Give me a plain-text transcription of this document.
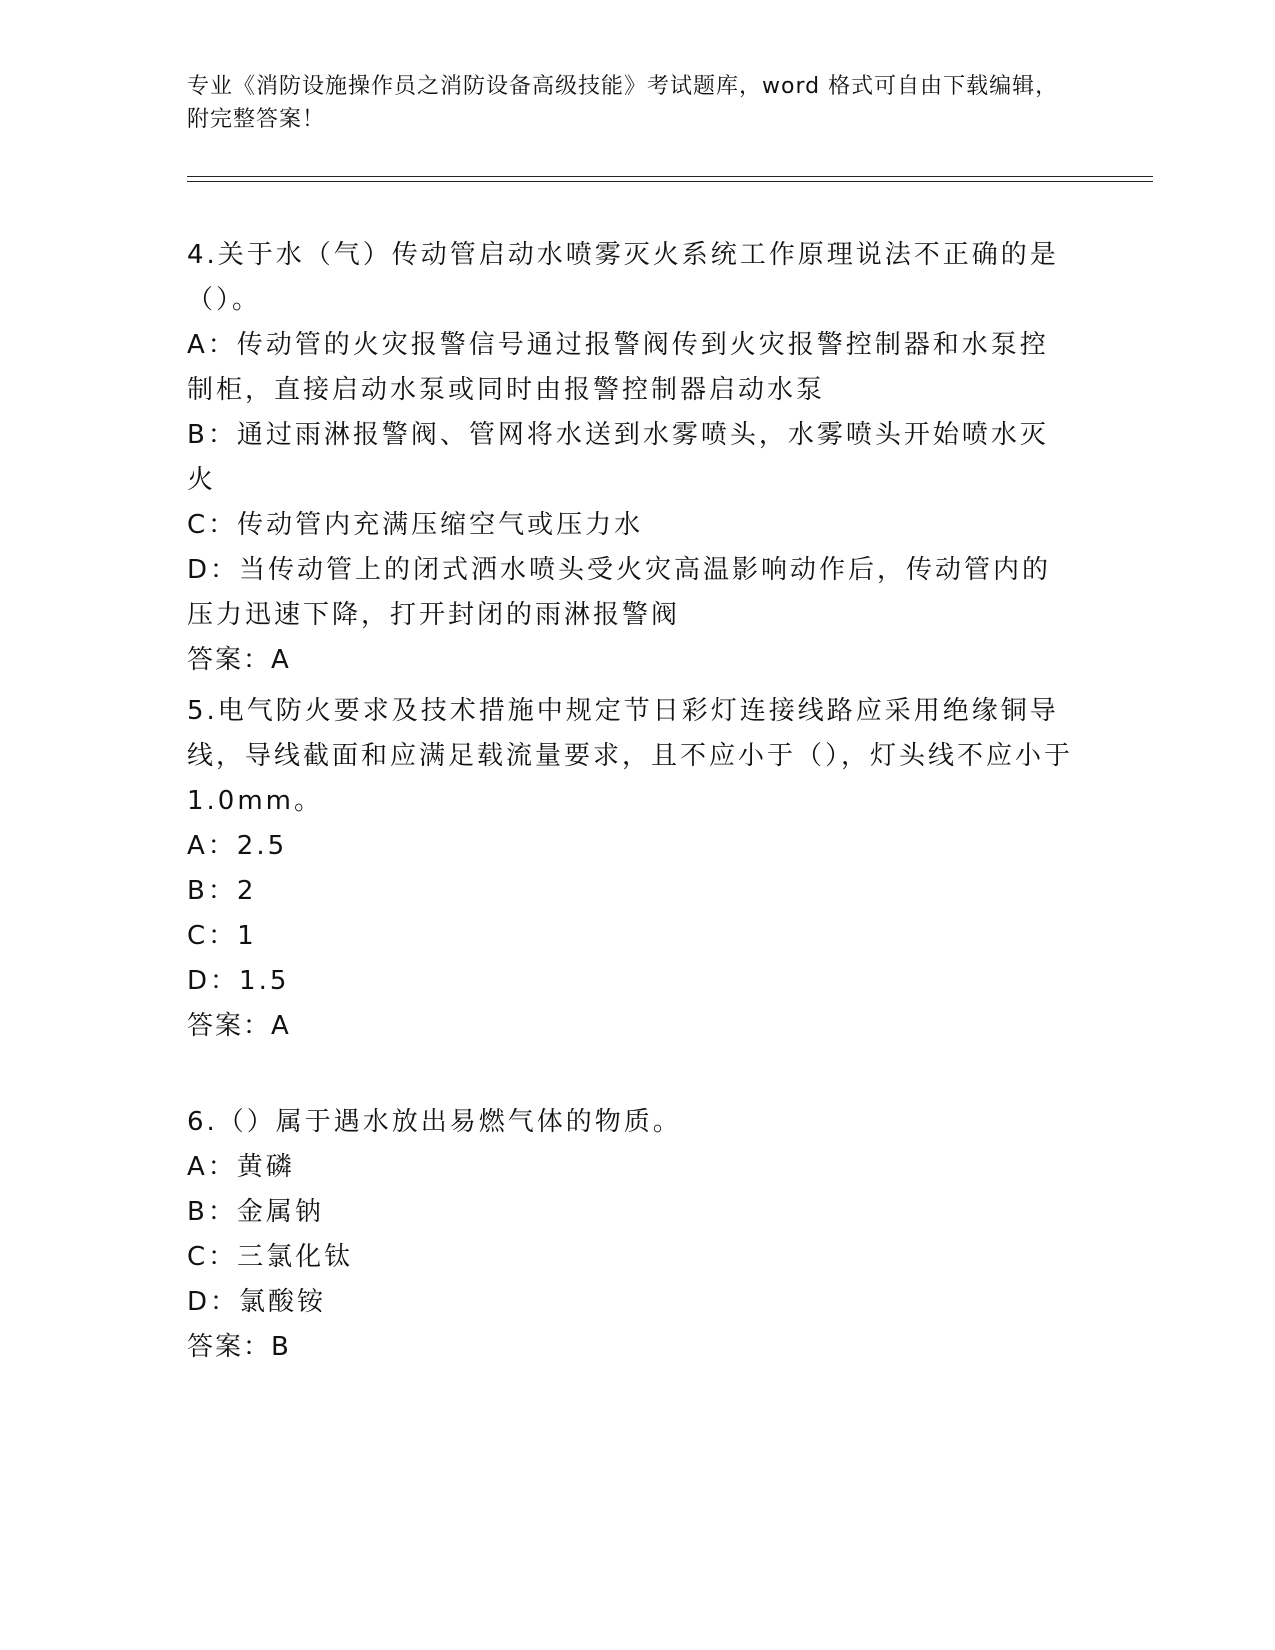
专业《消防设施操作员之消防设备高级技能》考试题库，word 格式可自由下载编辑，附完整答案！

4.关于水（气）传动管启动水喷雾灭火系统工作原理说法不正确的是（）。

A：传动管的火灾报警信号通过报警阀传到火灾报警控制器和水泵控制柜，直接启动水泵或同时由报警控制器启动水泵

B：通过雨淋报警阀、管网将水送到水雾喷头，水雾喷头开始喷水灭火

C：传动管内充满压缩空气或压力水

D：当传动管上的闭式洒水喷头受火灾高温影响动作后，传动管内的压力迅速下降，打开封闭的雨淋报警阀

答案：A

5.电气防火要求及技术措施中规定节日彩灯连接线路应采用绝缘铜导线，导线截面和应满足载流量要求，且不应小于（），灯头线不应小于 1.0mm。

A：2.5

B：2

C：1

D：1.5

答案：A

6.（）属于遇水放出易燃气体的物质。

A：黄磷

B：金属钠

C：三氯化钛

D：氯酸铵

答案：B
